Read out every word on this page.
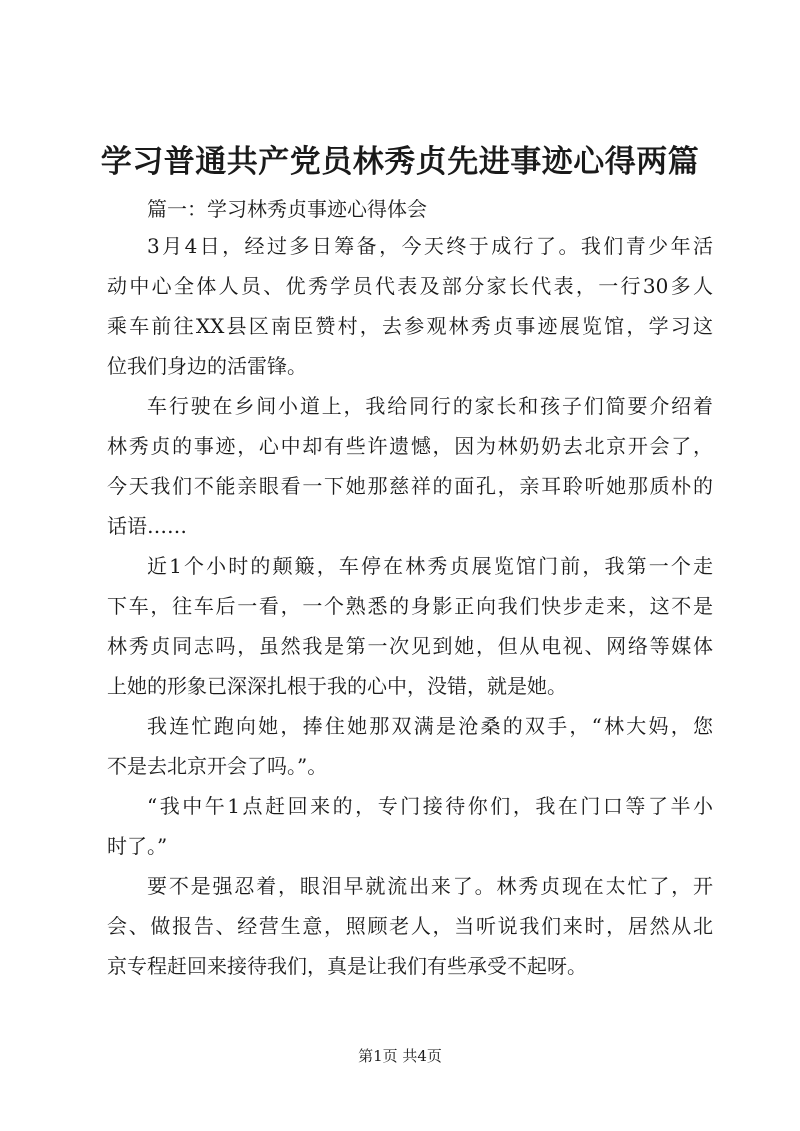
学习普通共产党员林秀贞先进事迹心得两篇
篇一：学习林秀贞事迹心得体会
3月4日，经过多日筹备，今天终于成行了。我们青少年活
动中心全体人员、优秀学员代表及部分家长代表，一行30多人
乘车前往XX县区南臣赞村，去参观林秀贞事迹展览馆，学习这
位我们身边的活雷锋。
车行驶在乡间小道上，我给同行的家长和孩子们简要介绍着
林秀贞的事迹，心中却有些许遗憾，因为林奶奶去北京开会了，
今天我们不能亲眼看一下她那慈祥的面孔，亲耳聆听她那质朴的
话语……
近1个小时的颠簸，车停在林秀贞展览馆门前，我第一个走
下车，往车后一看，一个熟悉的身影正向我们快步走来，这不是
林秀贞同志吗，虽然我是第一次见到她，但从电视、网络等媒体
上她的形象已深深扎根于我的心中，没错，就是她。
我连忙跑向她，捧住她那双满是沧桑的双手，“林大妈，您
不是去北京开会了吗。”。
“我中午1点赶回来的，专门接待你们，我在门口等了半小
时了。”
要不是强忍着，眼泪早就流出来了。林秀贞现在太忙了，开
会、做报告、经营生意，照顾老人，当听说我们来时，居然从北
京专程赶回来接待我们，真是让我们有些承受不起呀。
第1页 共4页
